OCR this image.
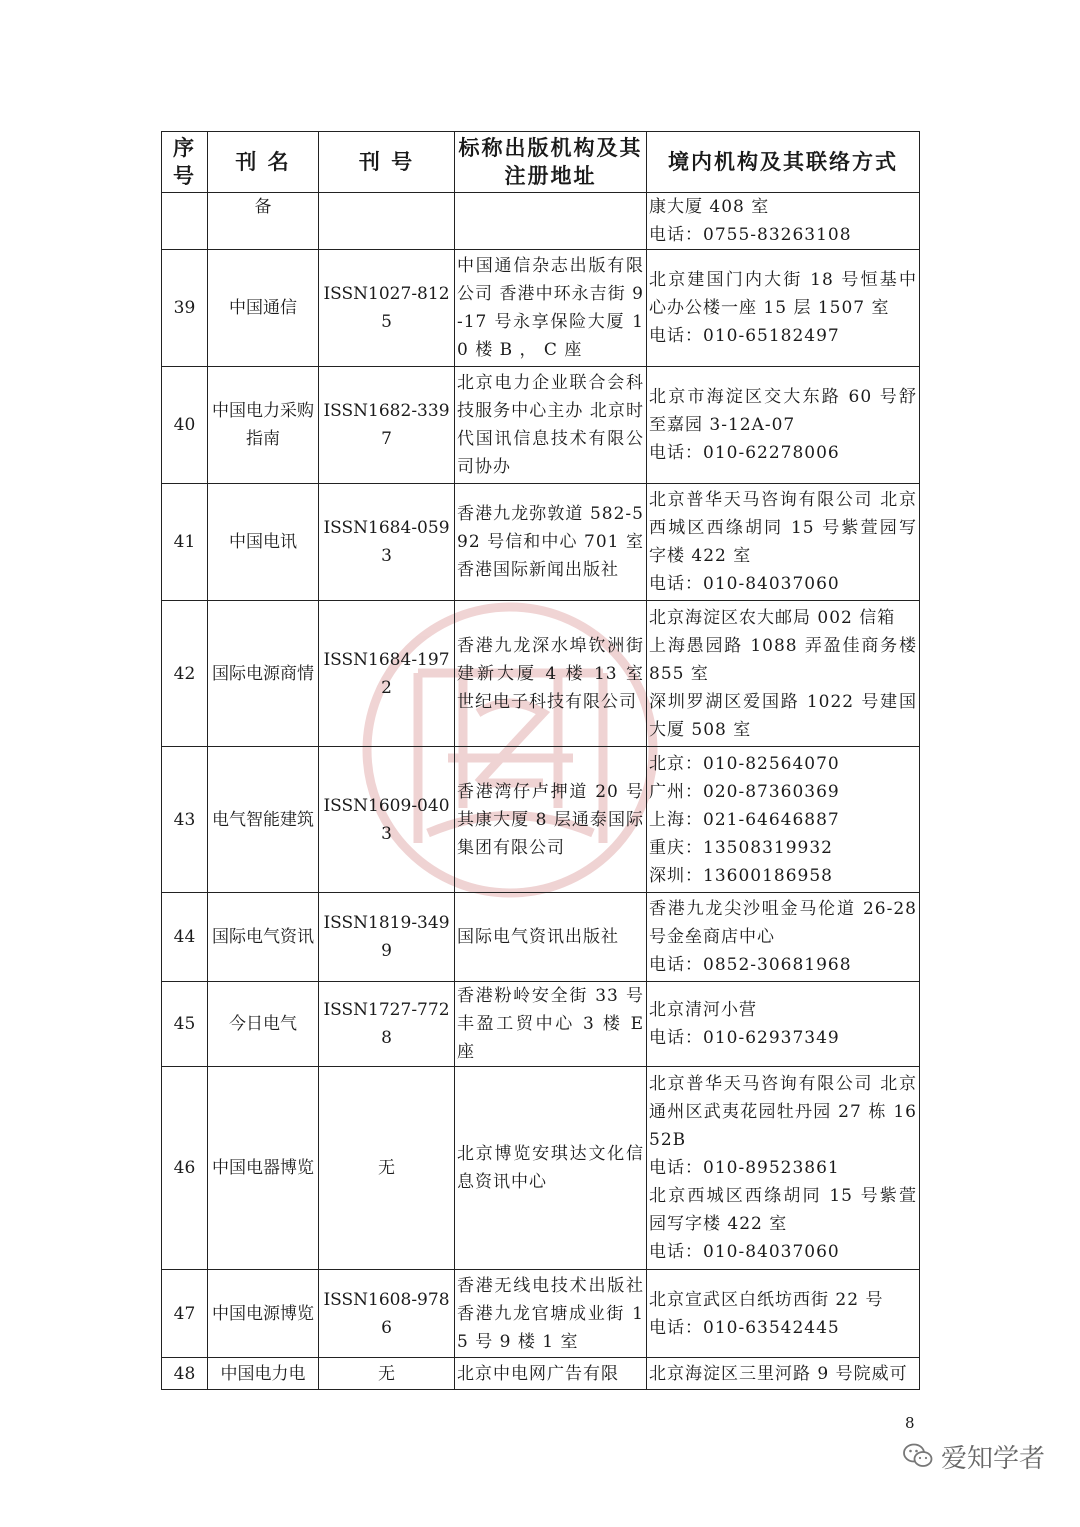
序号	刊 名	刊 号	标称出版机构及其注册地址	境内机构及其联络方式
	备			康大厦 408 室
电话：0755-83263108

39	中国通信	ISSN1027-8125	中国通信杂志出版有限公司 香港中环永吉街 9-17 号永享保险大厦 10 楼 B ， C 座	北京建国门内大街 18 号恒基中心办公楼一座 15 层 1507 室
电话：010-65182497

40	中国电力采购指南	ISSN1682-3397	北京电力企业联合会科技服务中心主办 北京时代国讯信息技术有限公司协办	北京市海淀区交大东路 60 号舒至嘉园 3-12A-07
电话：010-62278006

41	中国电讯	ISSN1684-0593	香港九龙弥敦道 582-592 号信和中心 701 室香港国际新闻出版社	北京普华天马咨询有限公司 北京西城区西绦胡同 15 号紫萱园写字楼 422 室
电话：010-84037060

42	国际电源商情	ISSN1684-1972	香港九龙深水埠钦洲街建新大厦 4 楼 13 室世纪电子科技有限公司	北京海淀区农大邮局 002 信箱
上海愚园路 1088 弄盈佳商务楼 855 室
深圳罗湖区爱国路 1022 号建国大厦 508 室

43	电气智能建筑	ISSN1609-0403	香港湾仔卢押道 20 号其康大厦 8 层通泰国际集团有限公司	北京：010-82564070
广州：020-87360369
上海：021-64646887
重庆：13508319932
深圳：13600186958

44	国际电气资讯	ISSN1819-3499	国际电气资讯出版社	香港九龙尖沙咀金马伦道 26-28 号金垒商店中心
电话：0852-30681968

45	今日电气	ISSN1727-7728	香港粉岭安全街 33 号丰盈工贸中心 3 楼 E 座	北京清河小营
电话：010-62937349

46	中国电器博览	无	北京博览安琪达文化信息资讯中心	北京普华天马咨询有限公司 北京通州区武夷花园牡丹园 27 栋 1652B
电话：010-89523861
北京西城区西绦胡同 15 号紫萱园写字楼 422 室
电话：010-84037060

47	中国电源博览	ISSN1608-9786	香港无线电技术出版社 香港九龙官塘成业街 15 号 9 楼 1 室	北京宣武区白纸坊西街 22 号
电话：010-63542445

48	中国电力电	无	北京中电网广告有限	北京海淀区三里河路 9 号院威可
8
爱知学者
